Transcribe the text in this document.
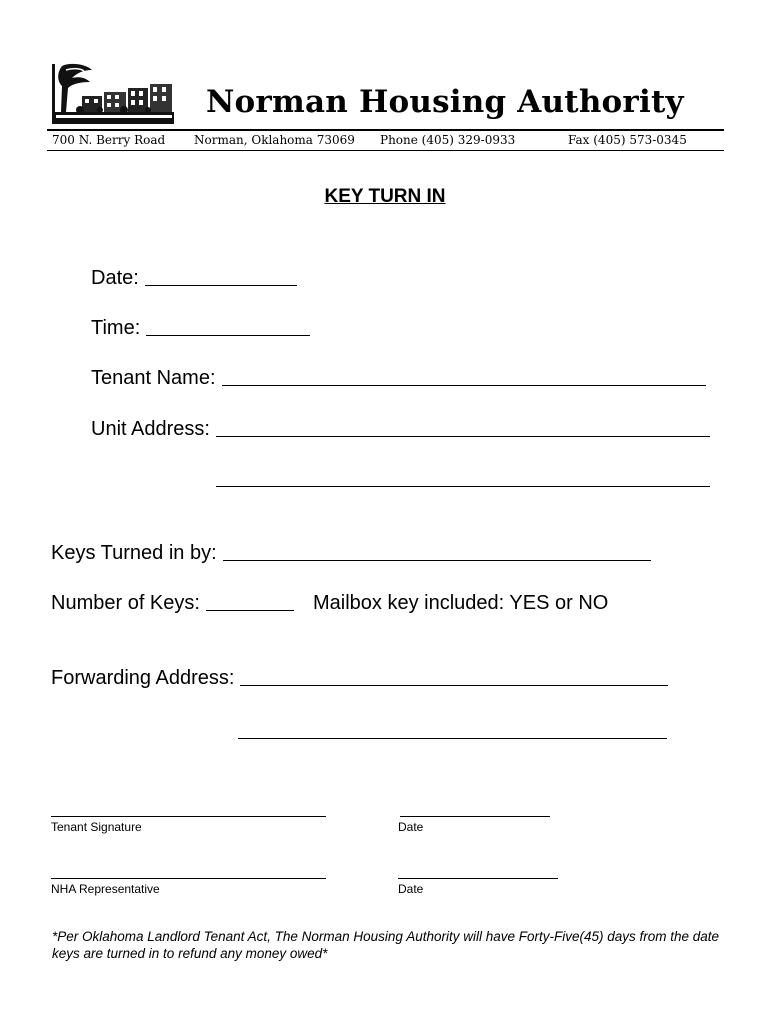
Norman Housing Authority
700 N. Berry Road Norman, Oklahoma 73069 Phone (405) 329-0933	Fax (405) 573-0345
KEY TURN IN
Date:
Time:
Tenant Name:
Unit Address:
Keys Turned in by:
Number of Keys:	Mailbox key included: YES or NO
Forwarding Address:
Tenant Signature	Date
NHA Representative	Date
*Per Oklahoma Landlord Tenant Act, The Norman Housing Authority will have Forty-Five(45) days from the date keys are turned in to refund any money owed*
